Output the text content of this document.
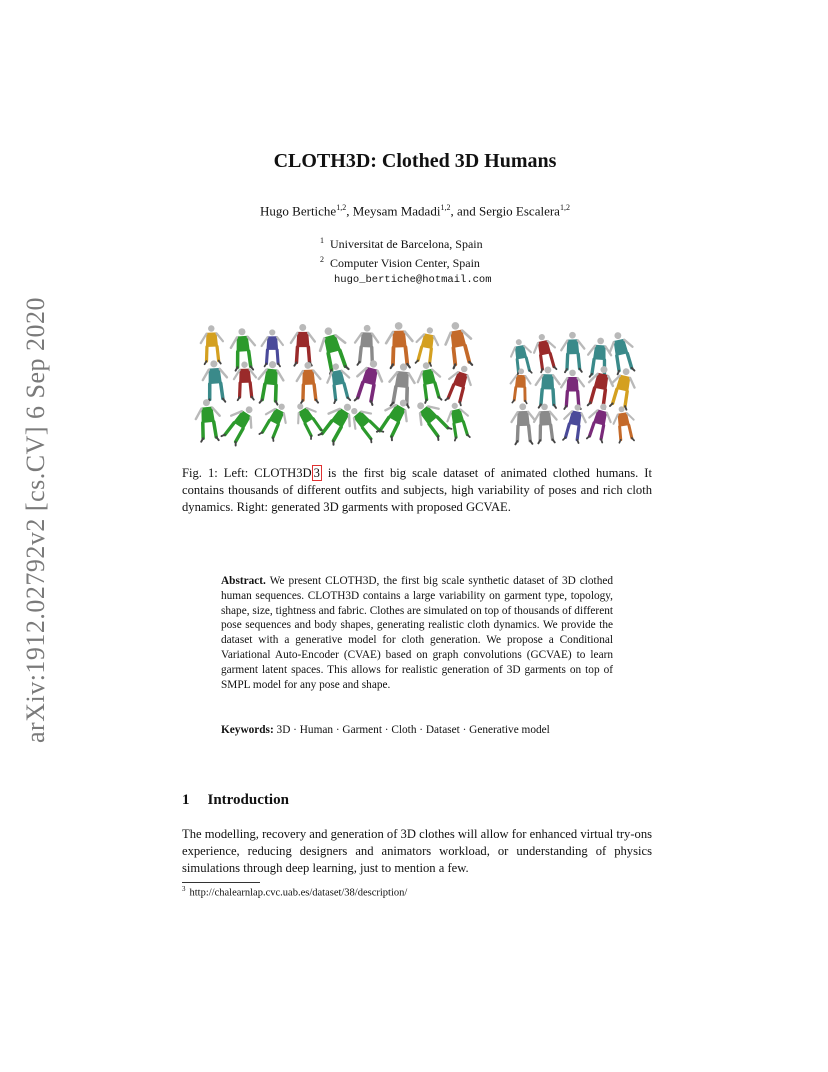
arXiv:1912.02792v2 [cs.CV] 6 Sep 2020
CLOTH3D: Clothed 3D Humans
Hugo Bertiche$^{1,2}$, Meysam Madadi$^{1,2}$, and Sergio Escalera$^{1,2}$
$^1$ Universitat de Barcelona, Spain
$^2$ Computer Vision Center, Spain
hugo_bertiche@hotmail.com
Fig. 1: Left: CLOTH3D 3 is the first big scale dataset of animated clothed humans. It contains thousands of different outfits and subjects, high variability of poses and rich cloth dynamics. Right: generated 3D garments with proposed GCVAE.
Abstract. We present CLOTH3D, the first big scale synthetic dataset of 3D clothed human sequences. CLOTH3D contains a large variability on garment type, topology, shape, size, tightness and fabric. Clothes are simulated on top of thousands of different pose sequences and body shapes, generating realistic cloth dynamics. We provide the dataset with a generative model for cloth generation. We propose a Conditional Variational Auto-Encoder (CVAE) based on graph convolutions (GCVAE) to learn garment latent spaces. This allows for realistic generation of 3D garments on top of SMPL model for any pose and shape.
Keywords: 3D · Human · Garment · Cloth · Dataset · Generative model
1 Introduction
The modelling, recovery and generation of 3D clothes will allow for enhanced virtual try-ons experience, reducing designers and animators workload, or understanding of physics simulations through deep learning, just to mention a few.
$^3$ http://chalearnlap.cvc.uab.es/dataset/38/description/
